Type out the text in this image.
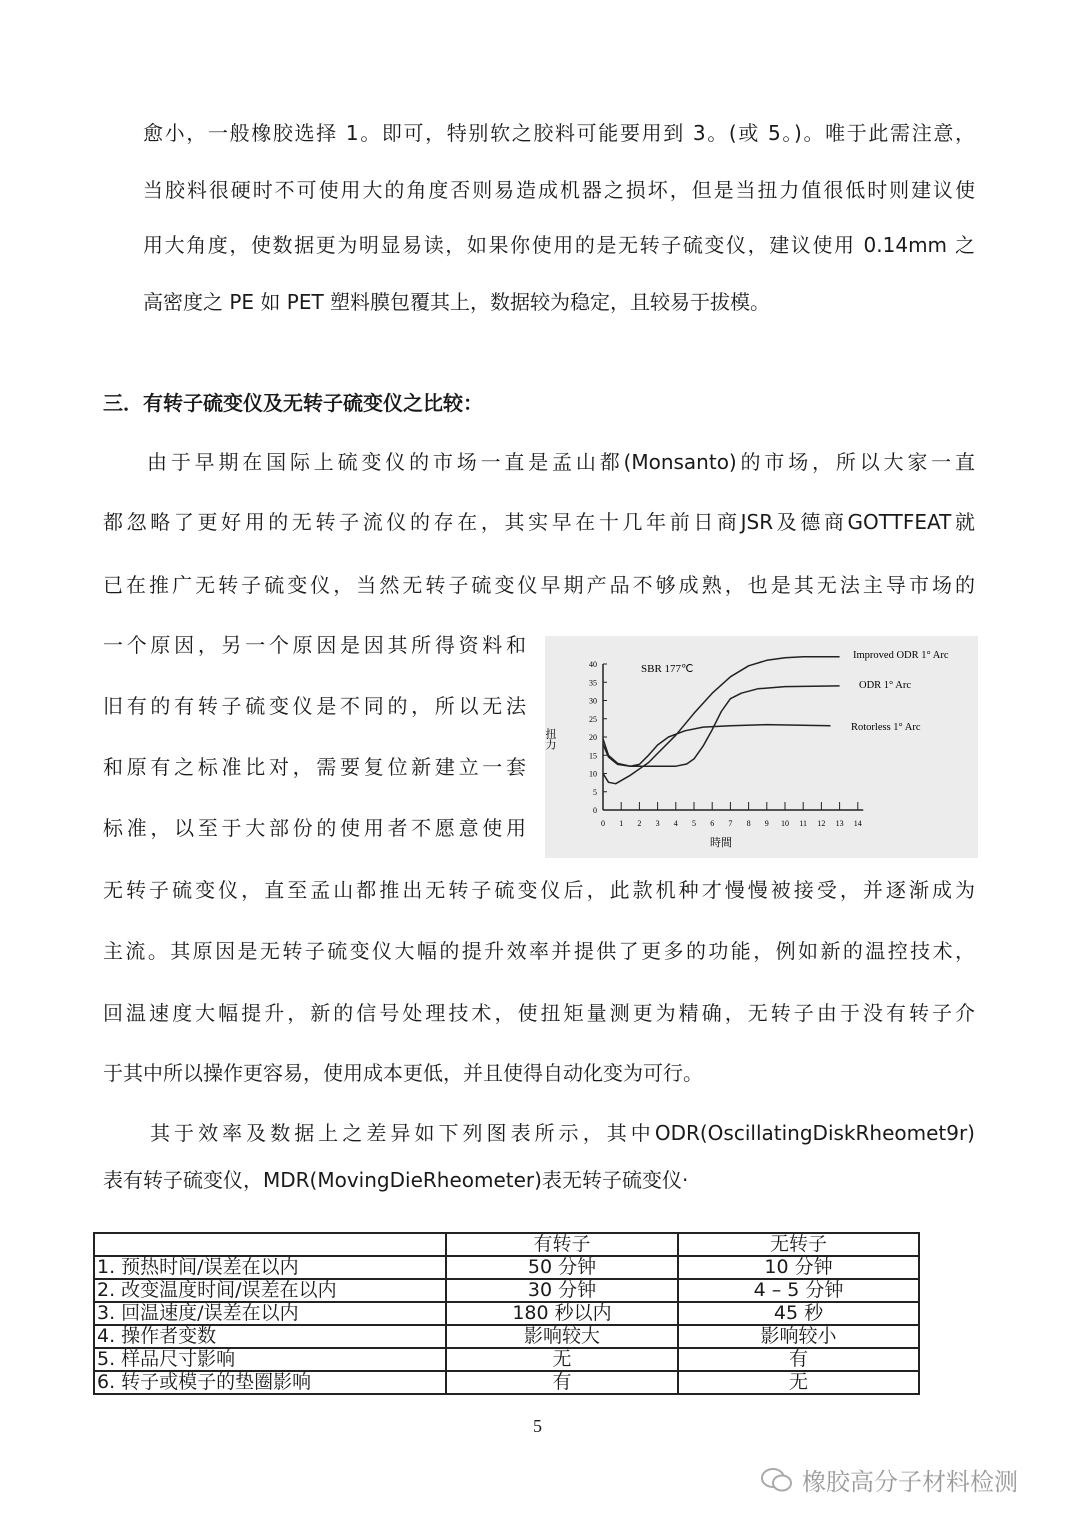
愈小，一般橡胶选择 1。即可，特别软之胶料可能要用到 3。(或 5。)。唯于此需注意，
当胶料很硬时不可使用大的角度否则易造成机器之损坏，但是当扭力值很低时则建议使
用大角度，使数据更为明显易读，如果你使用的是无转子硫变仪，建议使用 0.14mm 之
高密度之 PE 如 PET 塑料膜包覆其上，数据较为稳定，且较易于拔模。
三．有转子硫变仪及无转子硫变仪之比较：
由于早期在国际上硫变仪的市场一直是孟山都(Monsanto)的市场，所以大家一直
都忽略了更好用的无转子流仪的存在，其实早在十几年前日商JSR及德商GOTTFEAT就
已在推广无转子硫变仪，当然无转子硫变仪早期产品不够成熟，也是其无法主导市场的
一个原因，另一个原因是因其所得资料和
旧有的有转子硫变仪是不同的，所以无法
和原有之标准比对，需要复位新建立一套
标准，以至于大部份的使用者不愿意使用
无转子硫变仪，直至孟山都推出无转子硫变仪后，此款机种才慢慢被接受，并逐渐成为
主流。其原因是无转子硫变仪大幅的提升效率并提供了更多的功能，例如新的温控技术，
回温速度大幅提升，新的信号处理技术，使扭矩量测更为精确，无转子由于没有转子介
于其中所以操作更容易，使用成本更低，并且使得自动化变为可行。
其于效率及数据上之差异如下列图表所示，其中ODR(OscillatingDiskRheomet9r)
表有转子硫变仪，MDR(MovingDieRheometer)表无转子硫变仪·
0 1 2 3 4 5 6 7 8 9 10 11 12 13 14
0
5
10
15
20
25
30
35
40	SBR 177℃
時間
扭力
Improved ODR 1° Arc
ODR 1° Arc
Rotorless 1° Arc
	有转子	无转子
1. 预热时间/误差在以内	50 分钟	10 分钟
2. 改变温度时间/误差在以内	30 分钟	4 – 5 分钟
3. 回温速度/误差在以内	180 秒以内	45 秒
4. 操作者变数	影响较大	影响较小
5. 样品尺寸影响	无	有
6. 转子或模子的垫圈影响	有	无
5
橡胶高分子材料检测
